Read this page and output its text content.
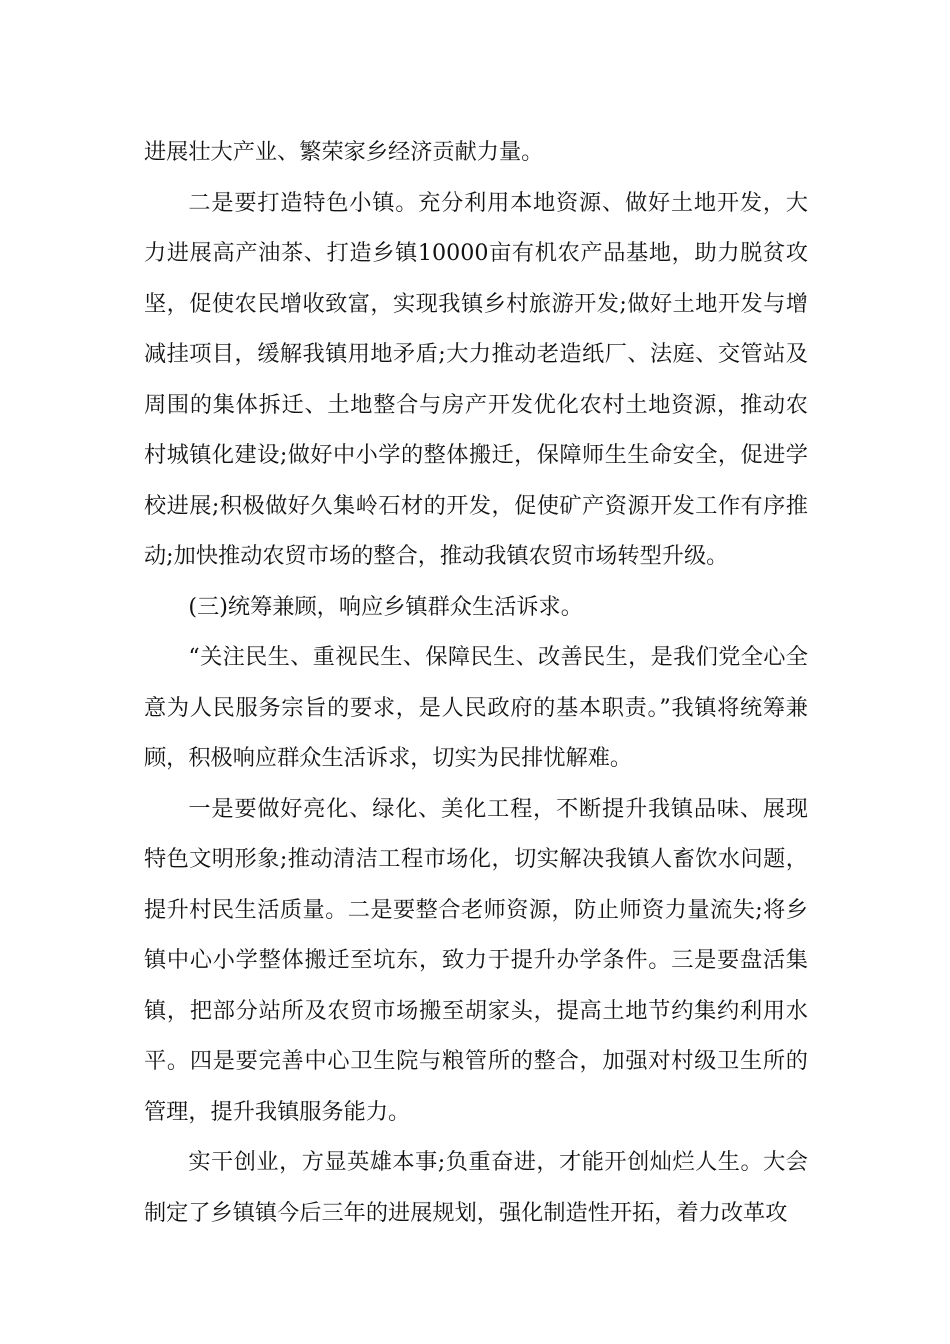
进展壮大产业、繁荣家乡经济贡献力量。

二是要打造特色小镇。充分利用本地资源、做好土地开发，大力进展高产油茶、打造乡镇10000亩有机农产品基地，助力脱贫攻坚，促使农民增收致富，实现我镇乡村旅游开发;做好土地开发与增减挂项目，缓解我镇用地矛盾;大力推动老造纸厂、法庭、交管站及周围的集体拆迁、土地整合与房产开发优化农村土地资源，推动农村城镇化建设;做好中小学的整体搬迁，保障师生生命安全，促进学校进展;积极做好久集岭石材的开发，促使矿产资源开发工作有序推动;加快推动农贸市场的整合，推动我镇农贸市场转型升级。

(三)统筹兼顾，响应乡镇群众生活诉求。

“关注民生、重视民生、保障民生、改善民生，是我们党全心全意为人民服务宗旨的要求，是人民政府的基本职责。”我镇将统筹兼顾，积极响应群众生活诉求，切实为民排忧解难。

一是要做好亮化、绿化、美化工程，不断提升我镇品味、展现特色文明形象;推动清洁工程市场化，切实解决我镇人畜饮水问题，提升村民生活质量。二是要整合老师资源，防止师资力量流失;将乡镇中心小学整体搬迁至坑东，致力于提升办学条件。三是要盘活集镇，把部分站所及农贸市场搬至胡家头，提高土地节约集约利用水平。四是要完善中心卫生院与粮管所的整合，加强对村级卫生所的管理，提升我镇服务能力。

实干创业，方显英雄本事;负重奋进，才能开创灿烂人生。大会制定了乡镇镇今后三年的进展规划，强化制造性开拓，着力改革攻
